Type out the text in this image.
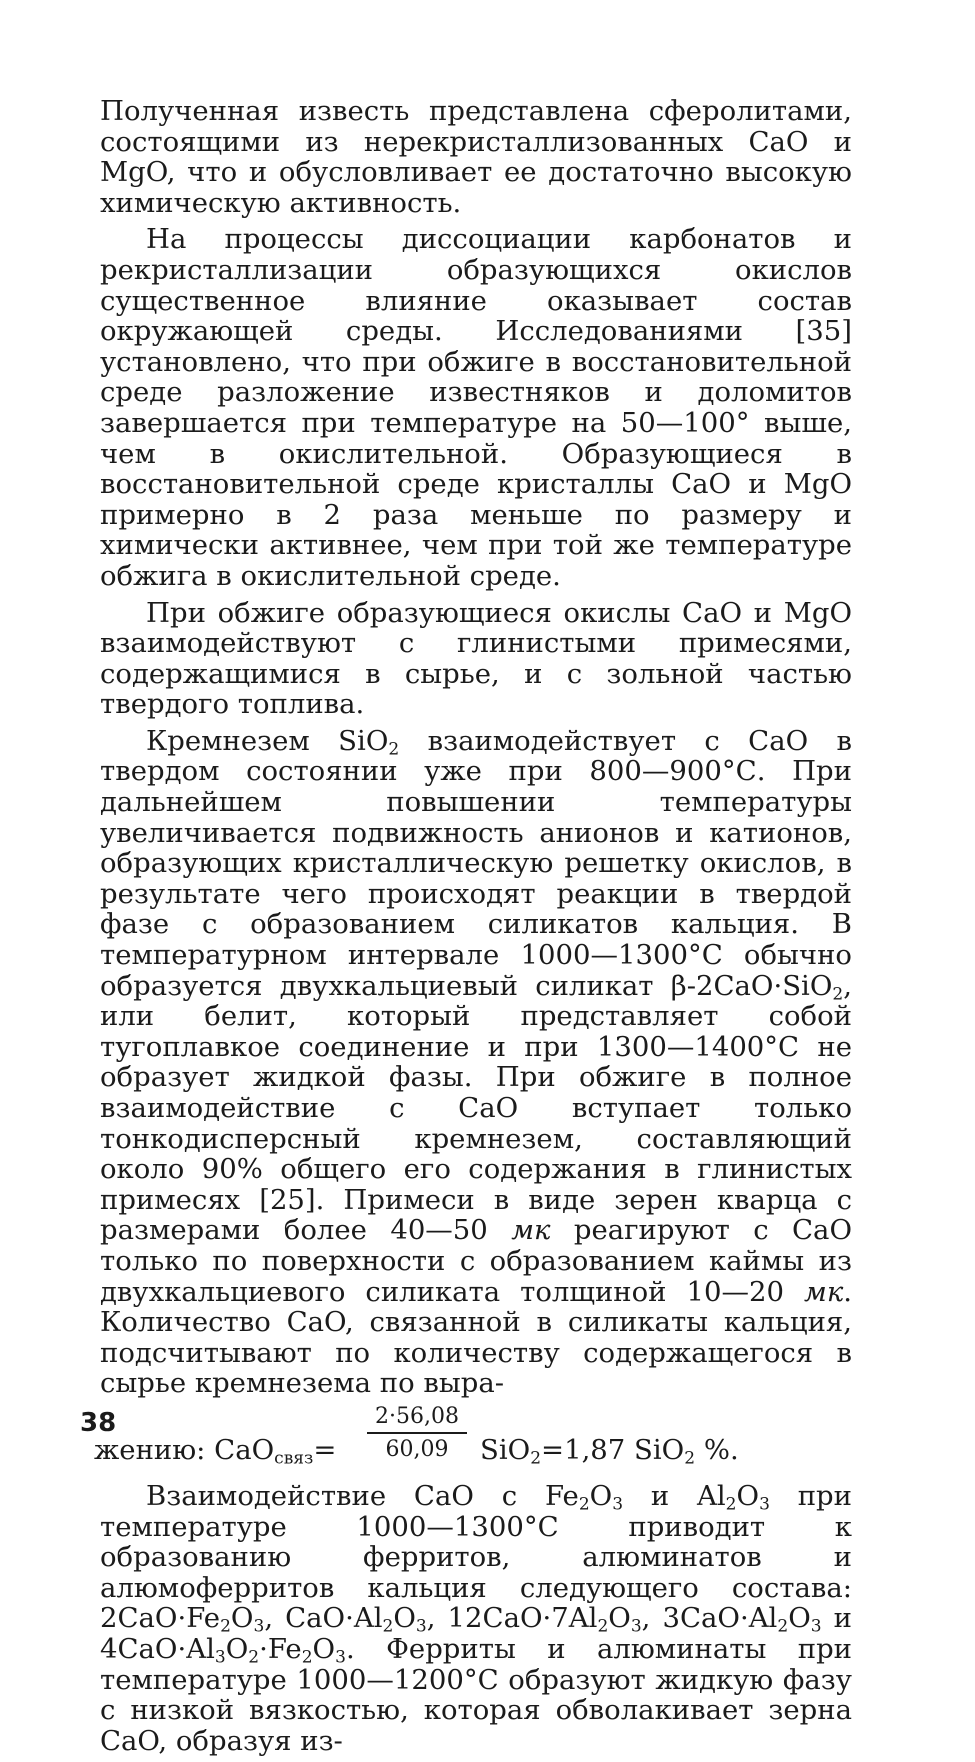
Полученная известь представлена сферолитами, состоящими из нерекристаллизованных CaO и MgO, что и обусловливает ее достаточно высокую химическую активность.

На процессы диссоциации карбонатов и рекристаллизации образующихся окислов существенное влияние оказывает состав окружающей среды. Исследованиями [35] установлено, что при обжиге в восстановительной среде разложение известняков и доломитов завершается при температуре на 50—100° выше, чем в окислительной. Образующиеся в восстановительной среде кристаллы CaO и MgO примерно в 2 раза меньше по размеру и химически активнее, чем при той же температуре обжига в окислительной среде.

При обжиге образующиеся окислы CaO и MgO взаимодействуют с глинистыми примесями, содержащимися в сырье, и с зольной частью твердого топлива.

Кремнезем SiO$_2$ взаимодействует с CaO в твердом состоянии уже при 800—900°С. При дальнейшем повышении температуры увеличивается подвижность анионов и катионов, образующих кристаллическую решетку окислов, в результате чего происходят реакции в твердой фазе с образованием силикатов кальция. В температурном интервале 1000—1300°С обычно образуется двухкальциевый силикат β-2CaO·SiO$_2$, или белит, который представляет собой тугоплавкое соединение и при 1300—1400°С не образует жидкой фазы. При обжиге в полное взаимодействие с CaO вступает только тонкодисперсный кремнезем, составляющий около 90% общего его содержания в глинистых примесях [25]. Примеси в виде зерен кварца с размерами более 40—50 мк реагируют с CaO только по поверхности с образованием каймы из двухкальциевого силиката толщиной 10—20 мк. Количество CaO, связанной в силикаты кальция, подсчитывают по количеству содержащегося в сырье кремнезема по выра-

жению: $CaO_{связ}= \frac{2\cdot 56,08}{60,09} SiO_2=1,87$ SiO$_2$ %.

Взаимодействие CaO с $Fe_2O_3$ и $Al_2O_3$ при температуре 1000—1300°С приводит к образованию ферритов, алюминатов и алюмоферритов кальция следующего состава: $2CaO\cdot Fe_2O_3$, $CaO\cdot Al_2O_3$, $12CaO\cdot 7Al_2O_3$, $3CaO\cdot Al_2O_3$ и $4CaO\cdot Al_3O_2\cdot Fe_2O_3$. Ферриты и алюминаты при температуре 1000—1200°С образуют жидкую фазу с низкой вязкостью, которая обволакивает зерна CaO, образуя из-

38
